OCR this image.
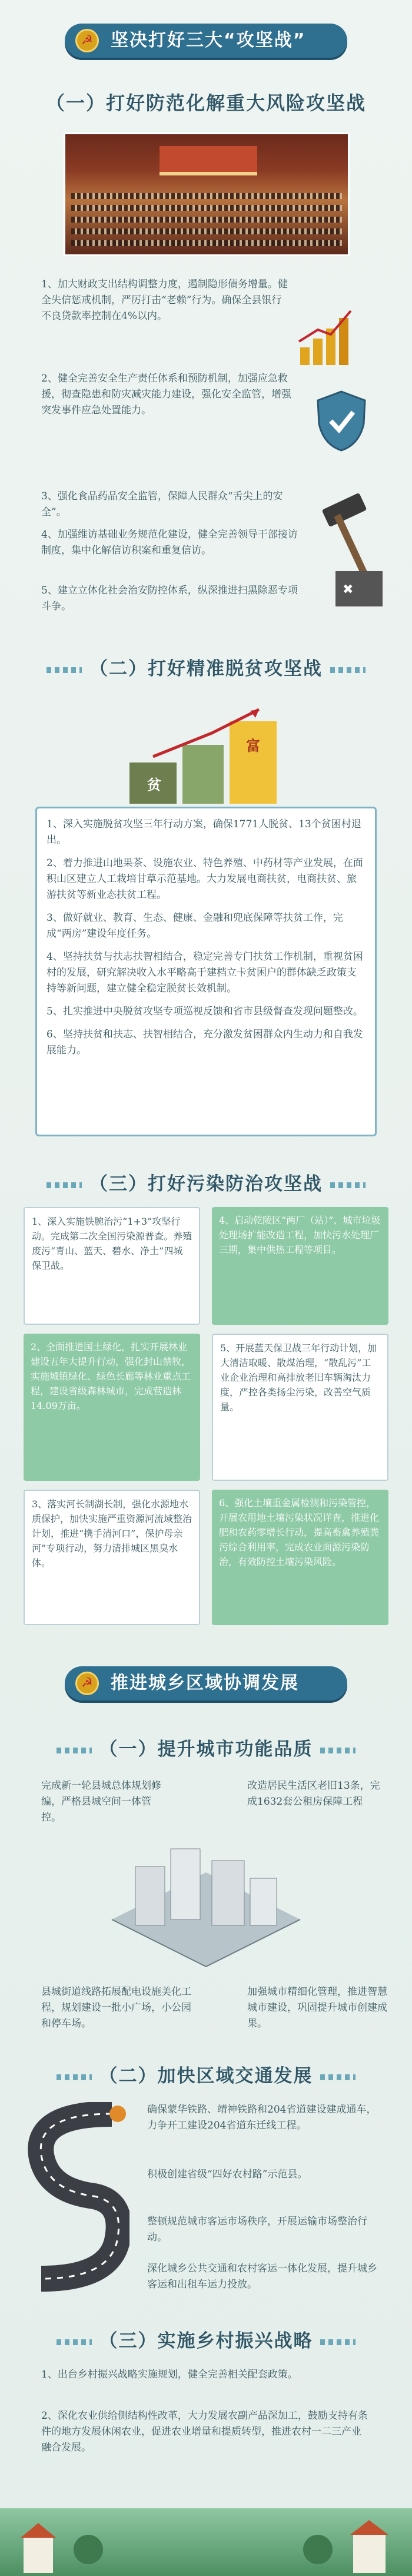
☭	坚决打好三大“攻坚战”
（一）打好防范化解重大风险攻坚战
1、加大财政支出结构调整力度，遏制隐形债务增量。健全失信惩戒机制，严厉打击“老赖”行为。确保全县银行不良贷款率控制在4%以内。
2、健全完善安全生产责任体系和预防机制，加强应急救援，彻查隐患和防灾减灾能力建设，强化安全监管，增强突发事件应急处置能力。
3、强化食品药品安全监管，保障人民群众“舌尖上的安全”。
4、加强维访基础业务规范化建设，健全完善领导干部接访制度，集中化解信访积案和重复信访。
5、建立立体化社会治安防控体系，纵深推进扫黑除恶专项斗争。
✖
（二）打好精准脱贫攻坚战
贫
富
1、深入实施脱贫攻坚三年行动方案，确保1771人脱贫、13个贫困村退出。
2、着力推进山地果茶、设施农业、特色养殖、中药材等产业发展，在面积山区建立人工栽培甘草示范基地。大力发展电商扶贫，电商扶贫、旅游扶贫等新业态扶贫工程。
3、做好就业、教育、生态、健康、金融和兜底保障等扶贫工作，完成“两房”建设年度任务。
4、坚持扶贫与扶志扶智相结合，稳定完善专门扶贫工作机制，重视贫困村的发展，研究解决收入水平略高于建档立卡贫困户的群体缺乏政策支持等新问题，建立健全稳定脱贫长效机制。
5、扎实推进中央脱贫攻坚专项巡视反馈和省市县级督查发现问题整改。
6、坚持扶贫和扶志、扶智相结合，充分激发贫困群众内生动力和自我发展能力。
（三）打好污染防治攻坚战
1、深入实施铁腕治污“1+3”攻坚行动。完成第二次全国污染源普查。养殖废污“青山、蓝天、碧水、净土”四城保卫战。
4、启动乾陵区“两厂（站）”、城市垃圾处理场扩能改造工程，加快污水处理厂三期，集中供热工程等项目。
2、全面推进国土绿化，扎实开展林业建设五年大提升行动，强化封山禁牧，实施城镇绿化、绿色长廊等林业重点工程，建设省级森林城市，完成营造林14.09万亩。
5、开展蓝天保卫战三年行动计划，加大清洁取暖、散煤治理，“散乱污”工业企业治理和高排放老旧车辆淘汰力度，严控各类扬尘污染，改善空气质量。
3、落实河长制湖长制，强化水源地水质保护，加快实施严重资源河流域整治计划，推进“携手清河口”，保护母亲河”专项行动，努力清排城区黑臭水体。
6、强化土壤重金属检测和污染管控，开展农用地土壤污染状况详查，推进化肥和农药零增长行动，提高畜禽养殖粪污综合利用率，完成农业面源污染防治，有效防控土壤污染风险。
☭	推进城乡区域协调发展
（一）提升城市功能品质
完成新一轮县城总体规划修编，严格县城空间一体管控。
改造居民生活区老旧13条，完成1632套公租房保障工程
县城街道线路拓展配电设施美化工程，规划建设一批小广场，小公园和停车场。
加强城市精细化管理，推进智慧城市建设，巩固提升城市创建成果。
（二）加快区域交通发展
确保蒙华铁路、靖神铁路和204省道建设建成通车，力争开工建设204省道东迁线工程。
积极创建省级“四好农村路”示范县。
整顿规范城市客运市场秩序，开展运输市场整治行动。
深化城乡公共交通和农村客运一体化发展，提升城乡客运和出租车运力投放。
（三）实施乡村振兴战略
1、出台乡村振兴战略实施规划，健全完善相关配套政策。
2、深化农业供给侧结构性改革，大力发展农副产品深加工，鼓励支持有条件的地方发展休闲农业，促进农业增量和提质转型，推进农村一二三产业融合发展。
